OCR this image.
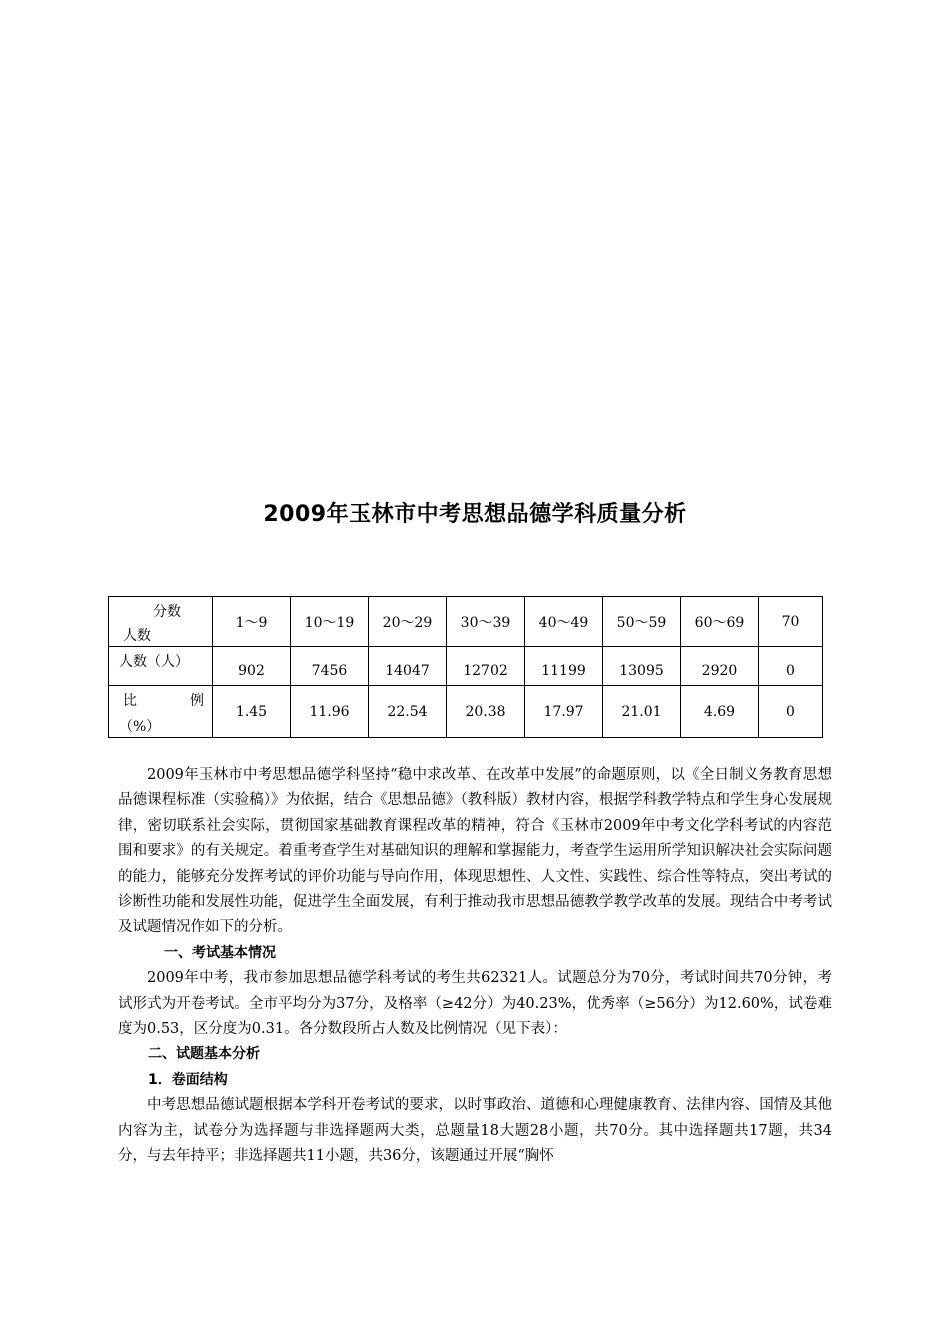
2009年玉林市中考思想品德学科质量分析
分数
人数	1～9	10～19	20～29	30～39	40～49	50～59	60～69	70
人数（人）	902	7456	14047	12702	11199	13095	2920	0

比 例
（%）	1.45	11.96	22.54	20.38	17.97	21.01	4.69	0

2009年玉林市中考思想品德学科坚持“稳中求改革、在改革中发展”的命题原则，以《全日制义务教育思想品德课程标准（实验稿）》为依据，结合《思想品德》（教科版）教材内容，根据学科教学特点和学生身心发展规律，密切联系社会实际，贯彻国家基础教育课程改革的精神，符合《玉林市2009年中考文化学科考试的内容范围和要求》的有关规定。着重考查学生对基础知识的理解和掌握能力，考查学生运用所学知识解决社会实际问题的能力，能够充分发挥考试的评价功能与导向作用，体现思想性、人文性、实践性、综合性等特点，突出考试的诊断性功能和发展性功能，促进学生全面发展，有利于推动我市思想品德教学教学改革的发展。现结合中考考试及试题情况作如下的分析。

一、考试基本情况

2009年中考，我市参加思想品德学科考试的考生共62321人。试题总分为70分，考试时间共70分钟，考试形式为开卷考试。全市平均分为37分，及格率（≥42分）为40.23%，优秀率（≥56分）为12.60%，试卷难度为0.53，区分度为0.31。各分数段所占人数及比例情况（见下表）：

二、试题基本分析

1．卷面结构

中考思想品德试题根据本学科开卷考试的要求，以时事政治、道德和心理健康教育、法律内容、国情及其他内容为主，试卷分为选择题与非选择题两大类，总题量18大题28小题，共70分。其中选择题共17题，共34分，与去年持平；非选择题共11小题，共36分，该题通过开展“胸怀
